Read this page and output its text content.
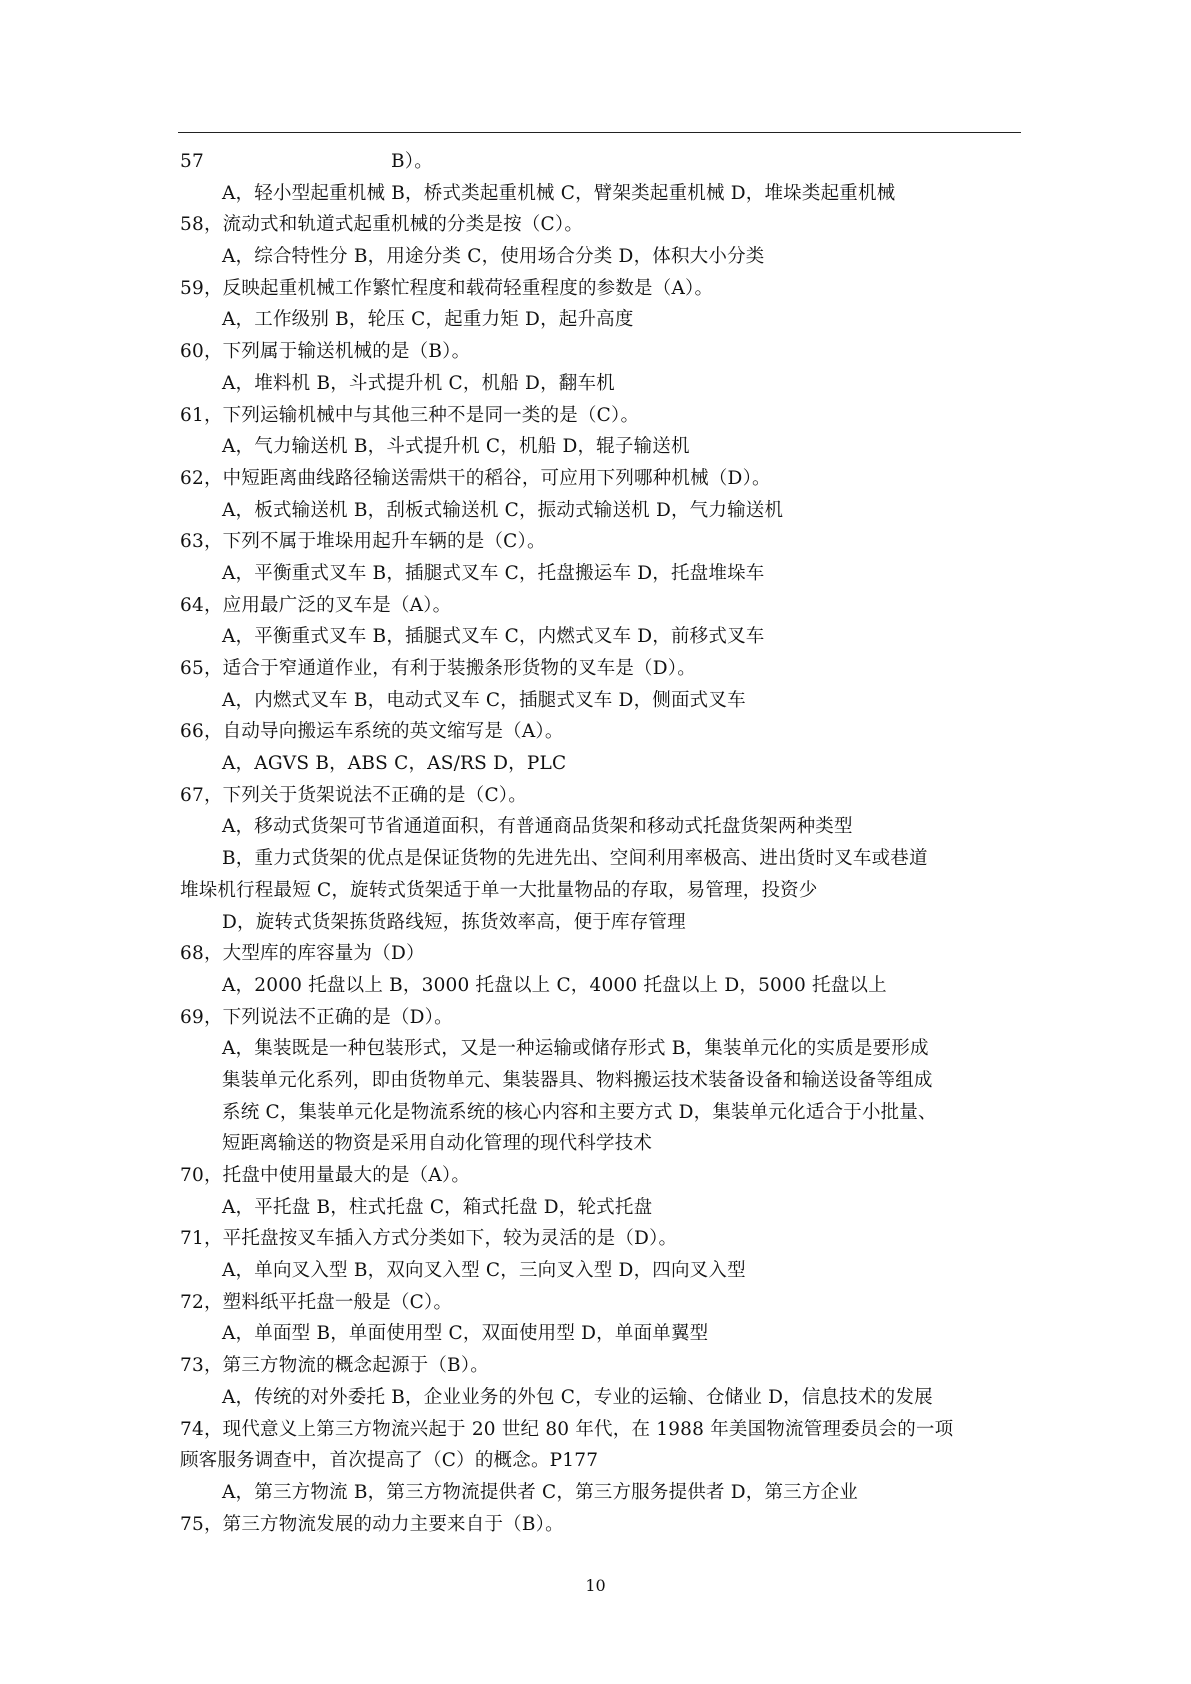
57	B）。
A，轻小型起重机械 B，桥式类起重机械 C，臂架类起重机械 D，堆垛类起重机械
58，流动式和轨道式起重机械的分类是按（C）。
A，综合特性分 B，用途分类 C，使用场合分类 D，体积大小分类
59，反映起重机械工作繁忙程度和载荷轻重程度的参数是（A）。
A，工作级别 B，轮压 C，起重力矩 D，起升高度
60，下列属于输送机械的是（B）。
A，堆料机 B，斗式提升机 C，机船 D，翻车机
61，下列运输机械中与其他三种不是同一类的是（C）。
A，气力输送机 B，斗式提升机 C，机船 D，辊子输送机
62，中短距离曲线路径输送需烘干的稻谷，可应用下列哪种机械（D）。
A，板式输送机 B，刮板式输送机 C，振动式输送机 D，气力输送机
63，下列不属于堆垛用起升车辆的是（C）。
A，平衡重式叉车 B，插腿式叉车 C，托盘搬运车 D，托盘堆垛车
64，应用最广泛的叉车是（A）。
A，平衡重式叉车 B，插腿式叉车 C，内燃式叉车 D，前移式叉车
65，适合于窄通道作业，有利于装搬条形货物的叉车是（D）。
A，内燃式叉车 B，电动式叉车 C，插腿式叉车 D，侧面式叉车
66，自动导向搬运车系统的英文缩写是（A）。
A，AGVS B，ABS C，AS/RS D，PLC
67，下列关于货架说法不正确的是（C）。
A，移动式货架可节省通道面积，有普通商品货架和移动式托盘货架两种类型
B，重力式货架的优点是保证货物的先进先出、空间利用率极高、进出货时叉车或巷道
堆垛机行程最短 C，旋转式货架适于单一大批量物品的存取，易管理，投资少
D，旋转式货架拣货路线短，拣货效率高，便于库存管理
68，大型库的库容量为（D）
A，2000 托盘以上 B，3000 托盘以上 C，4000 托盘以上 D，5000 托盘以上
69，下列说法不正确的是（D）。
A，集装既是一种包装形式，又是一种运输或储存形式 B，集装单元化的实质是要形成
集装单元化系列，即由货物单元、集装器具、物料搬运技术装备设备和输送设备等组成
系统 C，集装单元化是物流系统的核心内容和主要方式 D，集装单元化适合于小批量、
短距离输送的物资是采用自动化管理的现代科学技术
70，托盘中使用量最大的是（A）。
A，平托盘 B，柱式托盘 C，箱式托盘 D，轮式托盘
71，平托盘按叉车插入方式分类如下，较为灵活的是（D）。
A，单向叉入型 B，双向叉入型 C，三向叉入型 D，四向叉入型
72，塑料纸平托盘一般是（C）。
A，单面型 B，单面使用型 C，双面使用型 D，单面单翼型
73，第三方物流的概念起源于（B）。
A，传统的对外委托 B，企业业务的外包 C，专业的运输、仓储业 D，信息技术的发展
74，现代意义上第三方物流兴起于 20 世纪 80 年代，在 1988 年美国物流管理委员会的一项
顾客服务调查中，首次提高了（C）的概念。P177
A，第三方物流 B，第三方物流提供者 C，第三方服务提供者 D，第三方企业
75，第三方物流发展的动力主要来自于（B）。
10
